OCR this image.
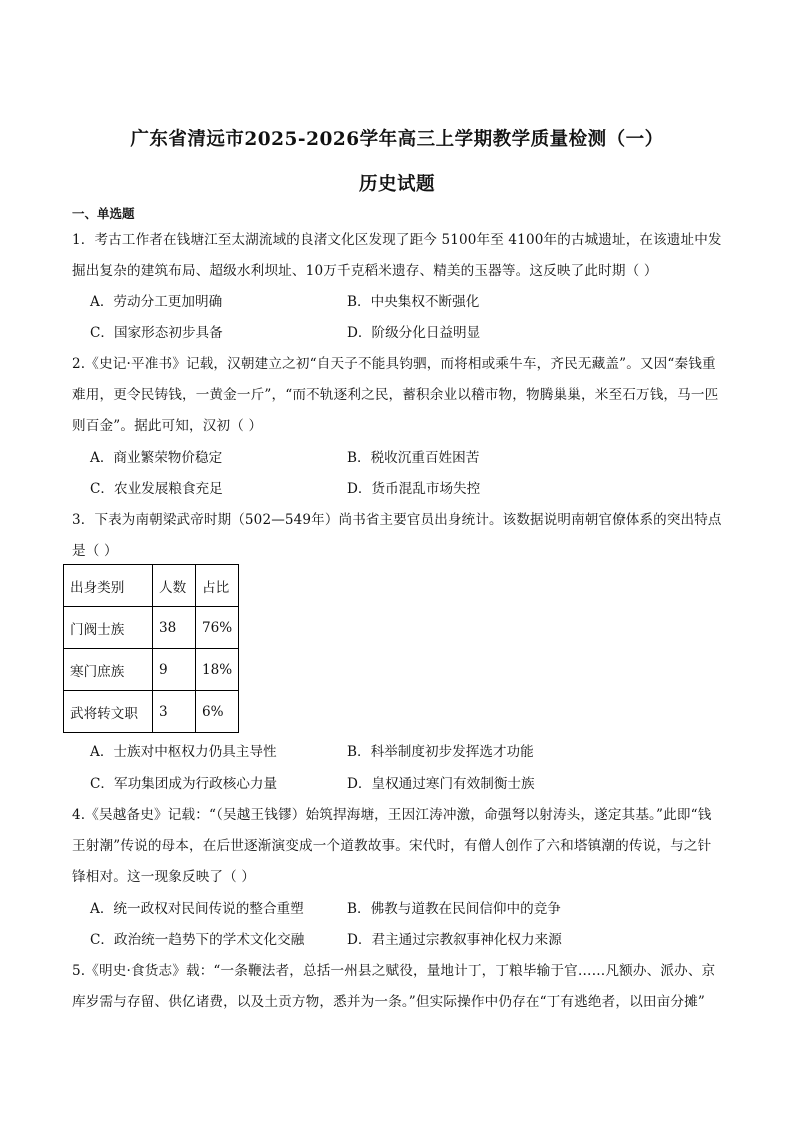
广东省清远市2025-2026学年高三上学期教学质量检测（一）
历史试题
一、单选题
1．考古工作者在钱塘江至太湖流域的良渚文化区发现了距今 5100年至 4100年的古城遗址，在该遗址中发
掘出复杂的建筑布局、超级水利坝址、10万千克稻米遗存、精美的玉器等。这反映了此时期（ ）
A．劳动分工更加明确	B．中央集权不断强化
C．国家形态初步具备	D．阶级分化日益明显
2.《史记·平准书》记载，汉朝建立之初“自天子不能具钧驷，而将相或乘牛车，齐民无藏盖”。又因“秦钱重
难用，更令民铸钱，一黄金一斤”，“而不轨逐利之民，蓄积余业以稽市物，物腾巢巢，米至石万钱，马一匹
则百金”。据此可知，汉初（ ）
A．商业繁荣物价稳定	B．税收沉重百姓困苦
C．农业发展粮食充足	D．货币混乱市场失控
3．下表为南朝梁武帝时期（502—549年）尚书省主要官员出身统计。该数据说明南朝官僚体系的突出特点
是（ ）
出身类别	人数	占比
门阀士族	38	76%
寒门庶族	9	18%
武将转文职	3	6%
A．士族对中枢权力仍具主导性	B．科举制度初步发挥选才功能
C．军功集团成为行政核心力量	D．皇权通过寒门有效制衡士族
4.《吴越备史》记载：“（吴越王钱镠）始筑捍海塘，王因江涛冲激，命强弩以射涛头，遂定其基。”此即“钱
王射潮”传说的母本，在后世逐渐演变成一个道教故事。宋代时，有僧人创作了六和塔镇潮的传说，与之针
锋相对。这一现象反映了（ ）
A．统一政权对民间传说的整合重塑	B．佛教与道教在民间信仰中的竞争
C．政治统一趋势下的学术文化交融	D．君主通过宗教叙事神化权力来源
5.《明史·食货志》载：“一条鞭法者，总括一州县之赋役，量地计丁，丁粮毕输于官……凡额办、派办、京
库岁需与存留、供亿诸费，以及土贡方物，悉并为一条。”但实际操作中仍存在“丁有逃绝者，以田亩分摊”
